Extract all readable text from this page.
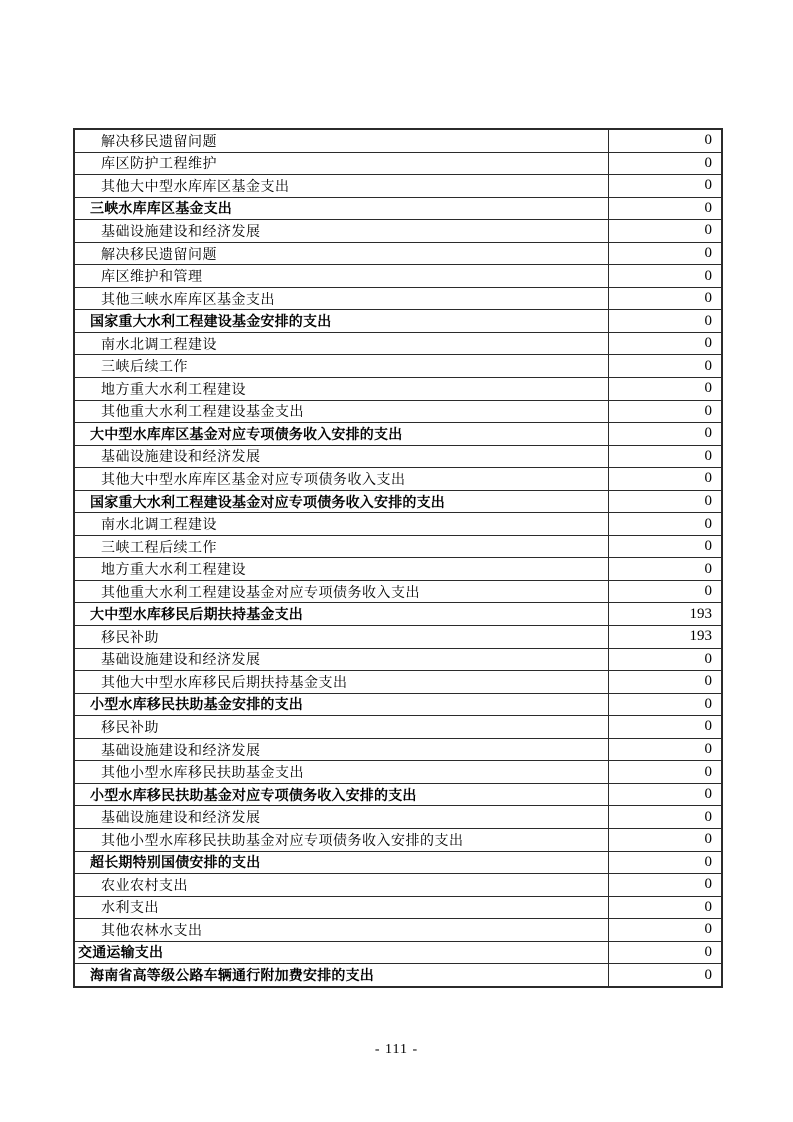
解决移民遗留问题	0
库区防护工程维护	0
其他大中型水库库区基金支出	0
三峡水库库区基金支出	0
基础设施建设和经济发展	0
解决移民遗留问题	0
库区维护和管理	0
其他三峡水库库区基金支出	0
国家重大水利工程建设基金安排的支出	0
南水北调工程建设	0
三峡后续工作	0
地方重大水利工程建设	0
其他重大水利工程建设基金支出	0
大中型水库库区基金对应专项债务收入安排的支出	0
基础设施建设和经济发展	0
其他大中型水库库区基金对应专项债务收入支出	0
国家重大水利工程建设基金对应专项债务收入安排的支出	0
南水北调工程建设	0
三峡工程后续工作	0
地方重大水利工程建设	0
其他重大水利工程建设基金对应专项债务收入支出	0
大中型水库移民后期扶持基金支出	193
移民补助	193
基础设施建设和经济发展	0
其他大中型水库移民后期扶持基金支出	0
小型水库移民扶助基金安排的支出	0
移民补助	0
基础设施建设和经济发展	0
其他小型水库移民扶助基金支出	0
小型水库移民扶助基金对应专项债务收入安排的支出	0
基础设施建设和经济发展	0
其他小型水库移民扶助基金对应专项债务收入安排的支出	0
超长期特别国债安排的支出	0
农业农村支出	0
水利支出	0
其他农林水支出	0
交通运输支出	0
海南省高等级公路车辆通行附加费安排的支出	0
- 111 -
